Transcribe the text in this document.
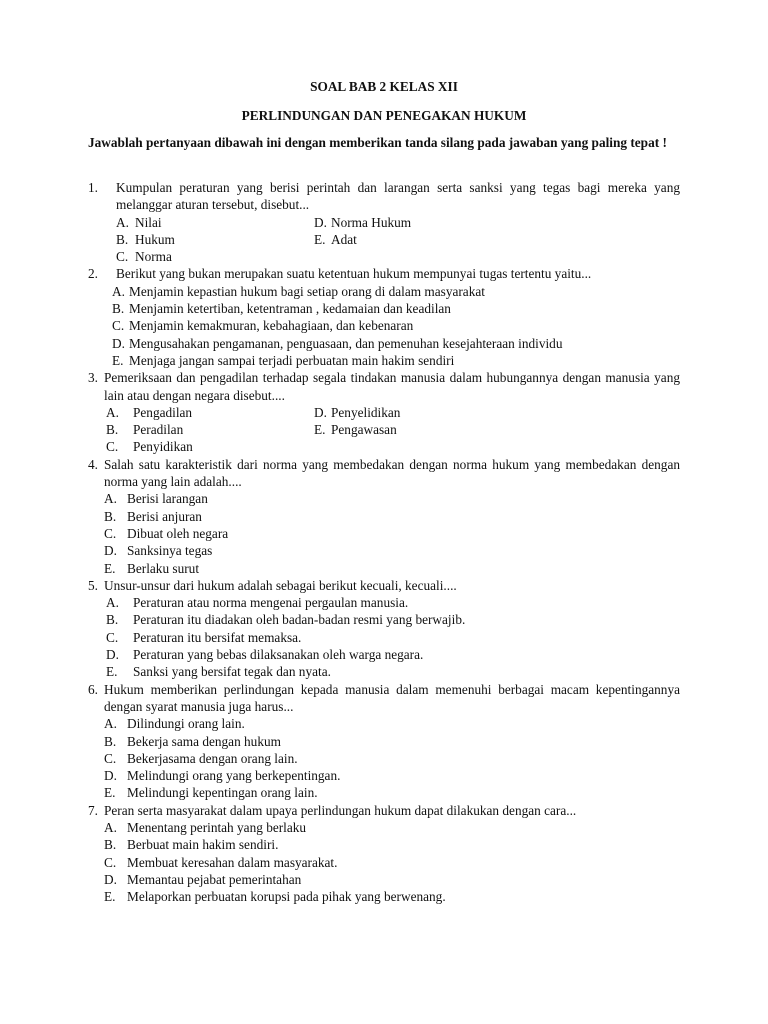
SOAL BAB 2 KELAS XII
PERLINDUNGAN DAN PENEGAKAN HUKUM
Jawablah pertanyaan dibawah ini dengan memberikan tanda silang pada jawaban yang paling tepat !
1.	Kumpulan peraturan yang berisi perintah dan larangan serta sanksi yang tegas bagi mereka yang melanggar aturan tersebut, disebut...
A. Nilai	D. Norma Hukum
B. Hukum	E. Adat
C. Norma
2.	Berikut yang bukan merupakan suatu ketentuan hukum mempunyai tugas tertentu yaitu...
A. Menjamin kepastian hukum bagi setiap orang di dalam masyarakat
B. Menjamin ketertiban, ketentraman , kedamaian dan keadilan
C. Menjamin kemakmuran, kebahagiaan, dan kebenaran
D. Mengusahakan pengamanan, penguasaan, dan pemenuhan kesejahteraan individu
E. Menjaga jangan sampai terjadi perbuatan main hakim sendiri
3. Pemeriksaan dan pengadilan terhadap segala tindakan manusia dalam hubungannya dengan manusia yang lain atau dengan negara disebut....
A.	Pengadilan	D. Penyelidikan
B.	Peradilan	E. Pengawasan
C.	Penyidikan
4. Salah satu karakteristik dari norma yang membedakan dengan norma hukum yang membedakan dengan norma yang lain adalah....
A. Berisi larangan
B. Berisi anjuran
C. Dibuat oleh negara
D. Sanksinya tegas
E. Berlaku surut
5. Unsur-unsur dari hukum adalah sebagai berikut kecuali, kecuali....
A.	Peraturan atau norma mengenai pergaulan manusia.
B.	Peraturan itu diadakan oleh badan-badan resmi yang berwajib.
C.	Peraturan itu bersifat memaksa.
D.	Peraturan yang bebas dilaksanakan oleh warga negara.
E.	Sanksi yang bersifat tegak dan nyata.
6. Hukum memberikan perlindungan kepada manusia dalam memenuhi berbagai macam kepentingannya dengan syarat manusia juga harus...
A. Dilindungi orang lain.
B. Bekerja sama dengan hukum
C. Bekerjasama dengan orang lain.
D. Melindungi orang yang berkepentingan.
E. Melindungi kepentingan orang lain.
7. Peran serta masyarakat dalam upaya perlindungan hukum dapat dilakukan dengan cara...
A. Menentang perintah yang berlaku
B. Berbuat main hakim sendiri.
C. Membuat keresahan dalam masyarakat.
D. Memantau pejabat pemerintahan
E. Melaporkan perbuatan korupsi pada pihak yang berwenang.
